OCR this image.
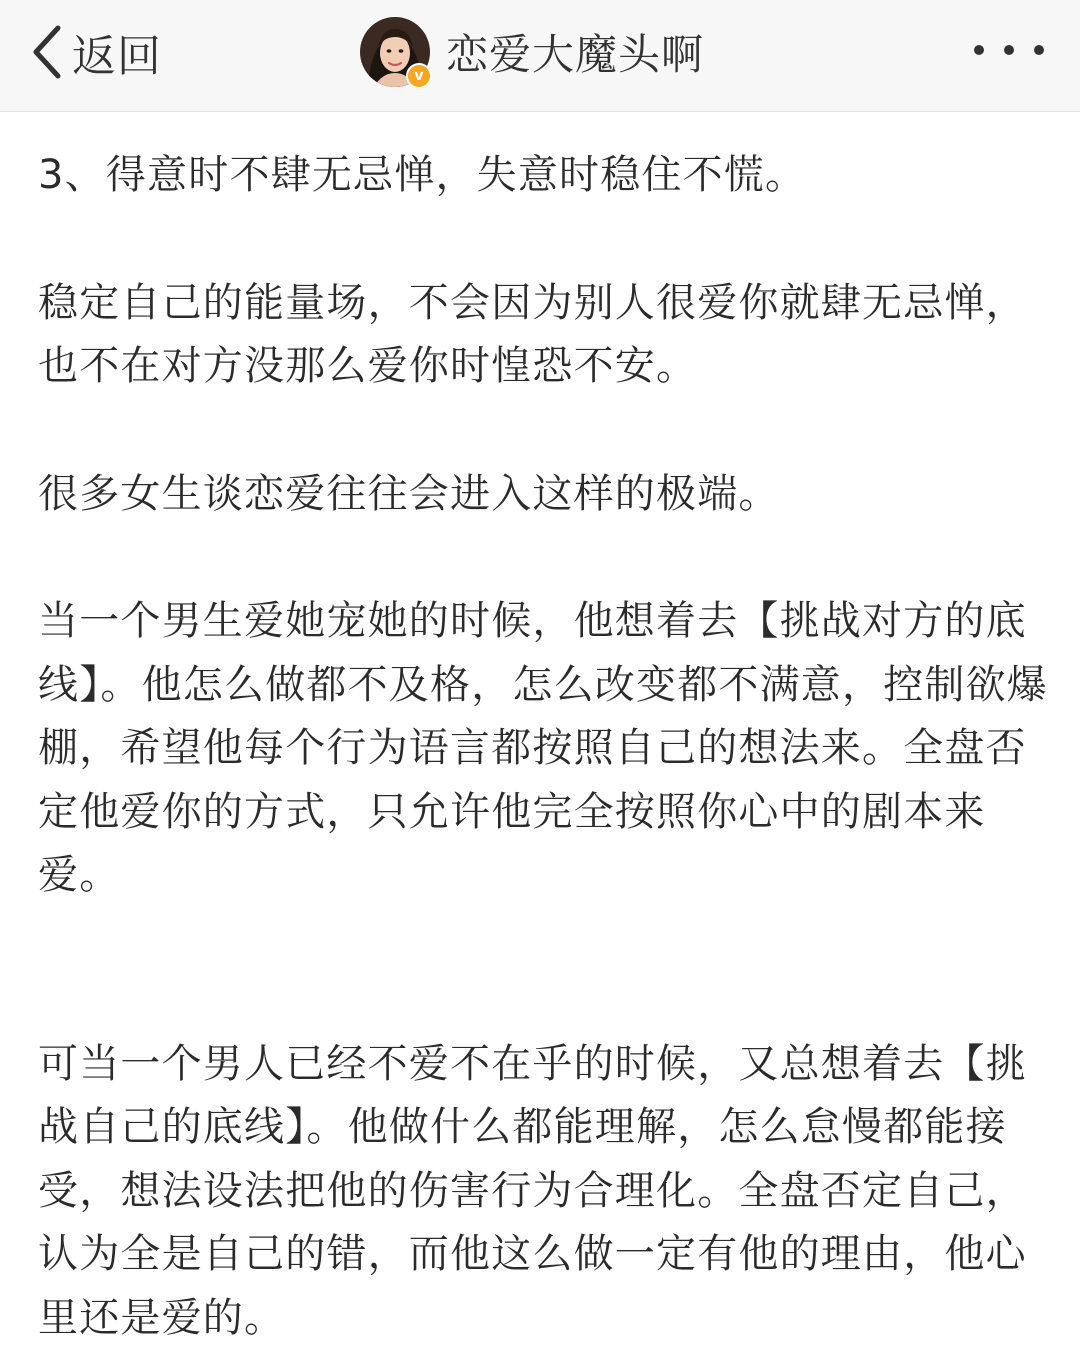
返回	v 恋爱大魔头啊

3、得意时不肆无忌惮，失意时稳住不慌。

稳定自己的能量场，不会因为别人很爱你就肆无忌惮，也不在对方没那么爱你时惶恐不安。

很多女生谈恋爱往往会进入这样的极端。

当一个男生爱她宠她的时候，他想着去【挑战对方的底线】。他怎么做都不及格，怎么改变都不满意，控制欲爆棚，希望他每个行为语言都按照自己的想法来。全盘否定他爱你的方式，只允许他完全按照你心中的剧本来爱。

可当一个男人已经不爱不在乎的时候，又总想着去【挑战自己的底线】。他做什么都能理解，怎么怠慢都能接受，想法设法把他的伤害行为合理化。全盘否定自己，认为全是自己的错，而他这么做一定有他的理由，他心里还是爱的。
